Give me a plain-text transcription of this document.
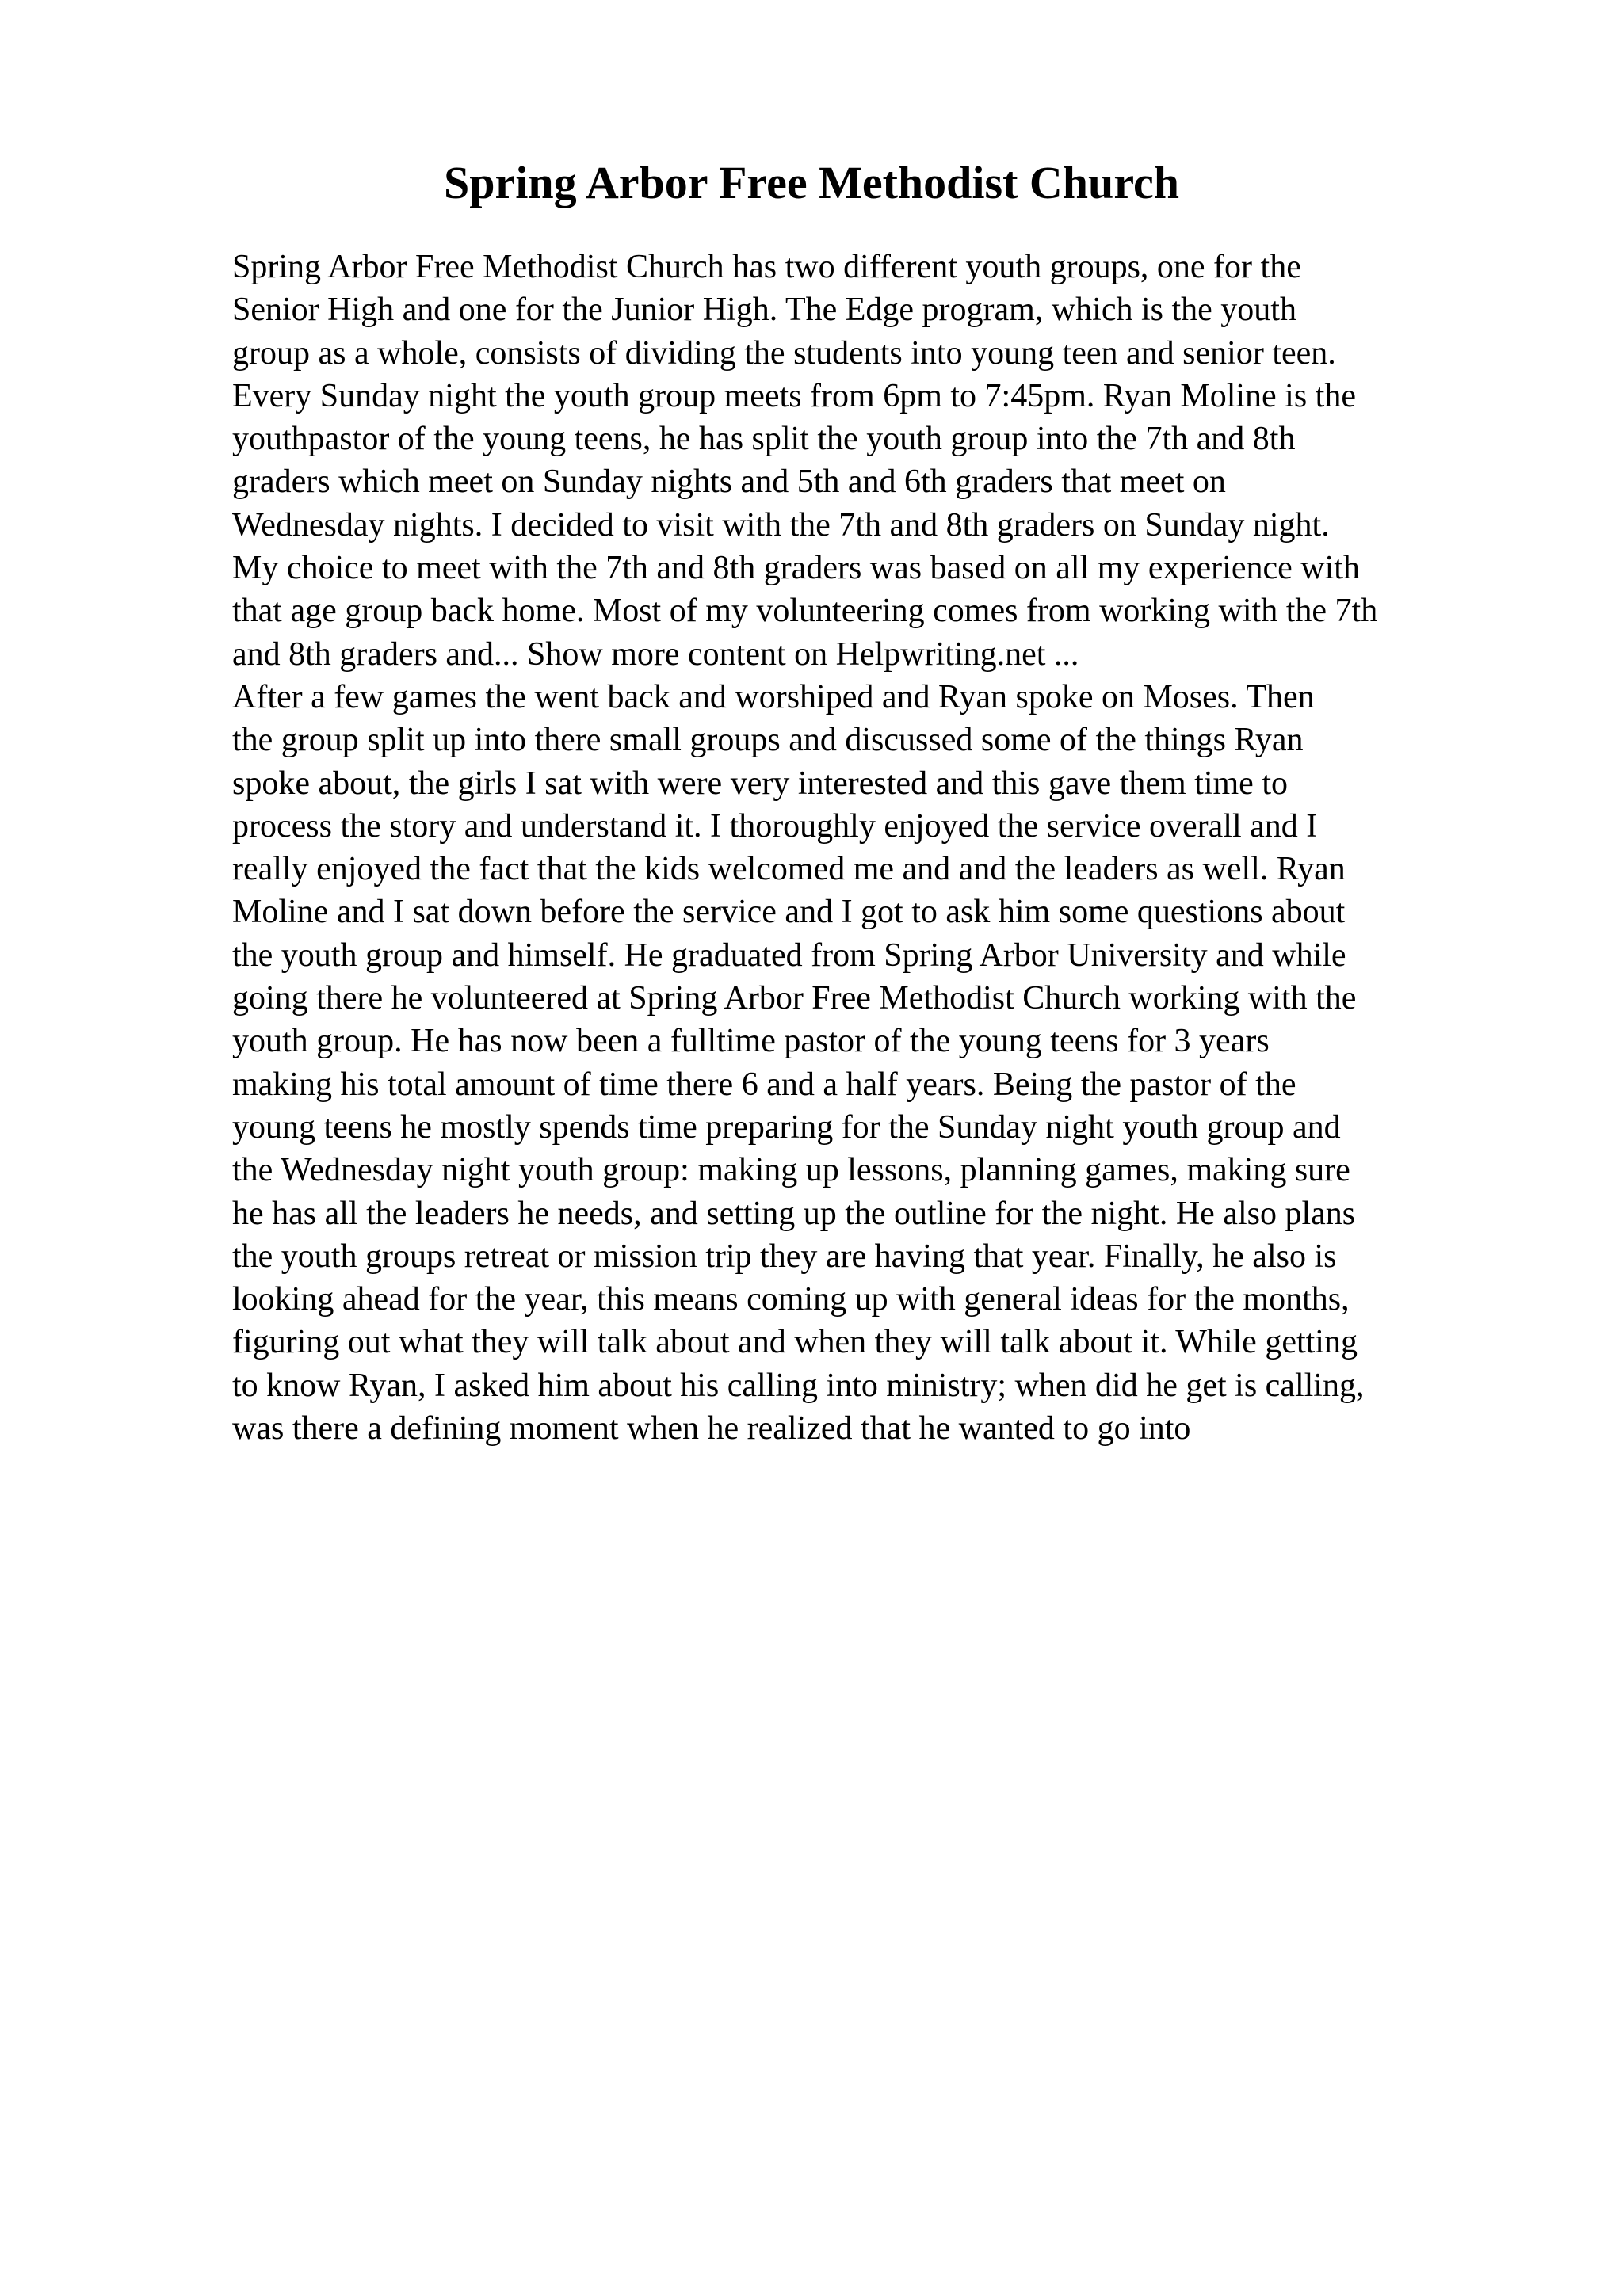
Spring Arbor Free Methodist Church
Spring Arbor Free Methodist Church has two different youth groups, one for the
Senior High and one for the Junior High. The Edge program, which is the youth
group as a whole, consists of dividing the students into young teen and senior teen.
Every Sunday night the youth group meets from 6pm to 7:45pm. Ryan Moline is the
youthpastor of the young teens, he has split the youth group into the 7th and 8th
graders which meet on Sunday nights and 5th and 6th graders that meet on
Wednesday nights. I decided to visit with the 7th and 8th graders on Sunday night.
My choice to meet with the 7th and 8th graders was based on all my experience with
that age group back home. Most of my volunteering comes from working with the 7th
and 8th graders and... Show more content on Helpwriting.net ...
After a few games the went back and worshiped and Ryan spoke on Moses. Then
the group split up into there small groups and discussed some of the things Ryan
spoke about, the girls I sat with were very interested and this gave them time to
process the story and understand it. I thoroughly enjoyed the service overall and I
really enjoyed the fact that the kids welcomed me and and the leaders as well. Ryan
Moline and I sat down before the service and I got to ask him some questions about
the youth group and himself. He graduated from Spring Arbor University and while
going there he volunteered at Spring Arbor Free Methodist Church working with the
youth group. He has now been a fulltime pastor of the young teens for 3 years
making his total amount of time there 6 and a half years. Being the pastor of the
young teens he mostly spends time preparing for the Sunday night youth group and
the Wednesday night youth group: making up lessons, planning games, making sure
he has all the leaders he needs, and setting up the outline for the night. He also plans
the youth groups retreat or mission trip they are having that year. Finally, he also is
looking ahead for the year, this means coming up with general ideas for the months,
figuring out what they will talk about and when they will talk about it. While getting
to know Ryan, I asked him about his calling into ministry; when did he get is calling,
was there a defining moment when he realized that he wanted to go into
